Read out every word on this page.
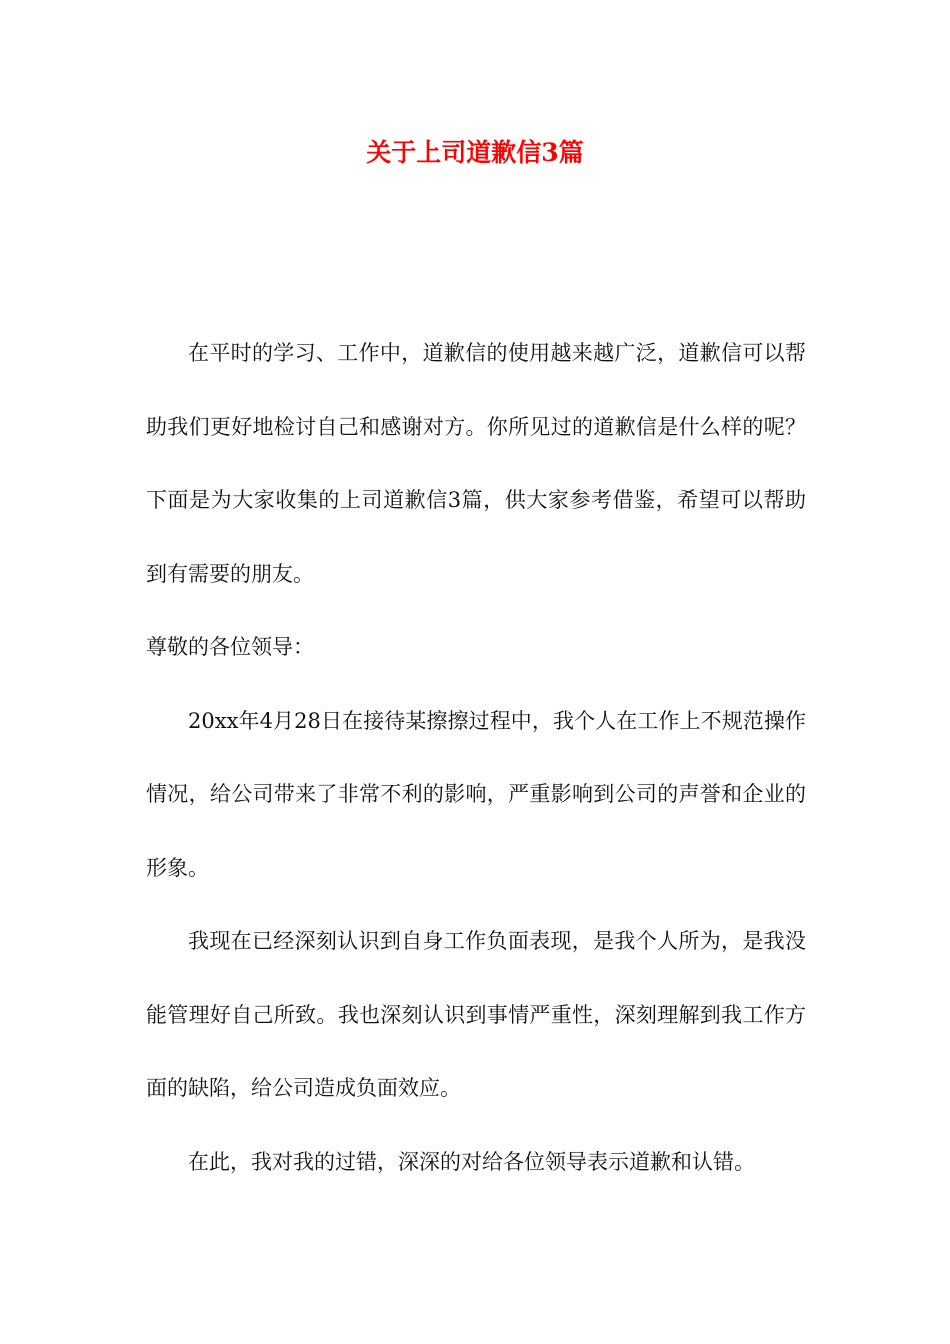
关于上司道歉信3篇

在平时的学习、工作中，道歉信的使用越来越广泛，道歉信可以帮助我们更好地检讨自己和感谢对方。你所见过的道歉信是什么样的呢？下面是为大家收集的上司道歉信3篇，供大家参考借鉴，希望可以帮助到有需要的朋友。

尊敬的各位领导：

20xx年4月28日在接待某擦擦过程中，我个人在工作上不规范操作情况，给公司带来了非常不利的影响，严重影响到公司的声誉和企业的形象。

我现在已经深刻认识到自身工作负面表现，是我个人所为，是我没能管理好自己所致。我也深刻认识到事情严重性，深刻理解到我工作方面的缺陷，给公司造成负面效应。

在此，我对我的过错，深深的对给各位领导表示道歉和认错。
